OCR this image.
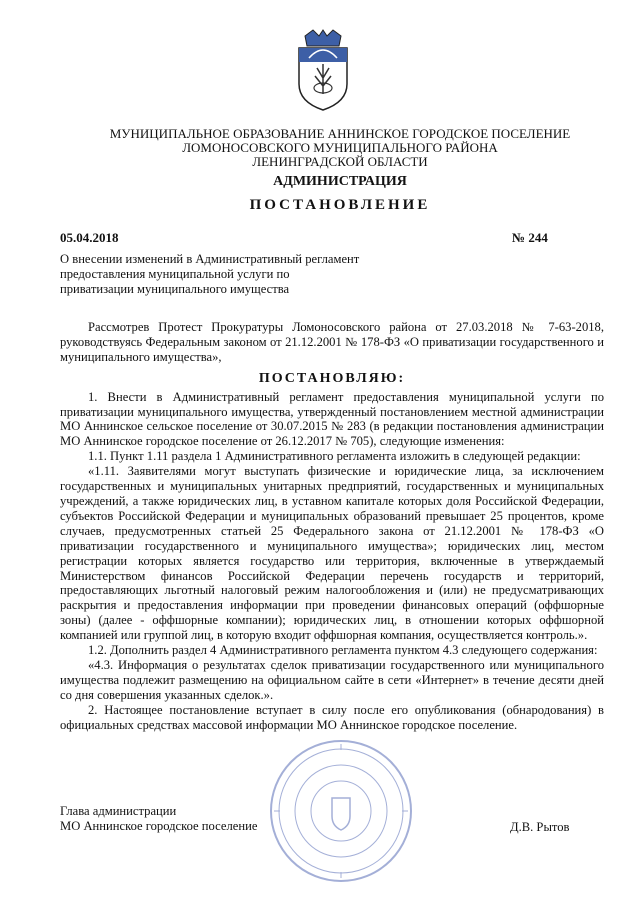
МУНИЦИПАЛЬНОЕ ОБРАЗОВАНИЕ АННИНСКОЕ ГОРОДСКОЕ ПОСЕЛЕНИЕ
ЛОМОНОСОВСКОГО МУНИЦИПАЛЬНОГО РАЙОНА
ЛЕНИНГРАДСКОЙ ОБЛАСТИ
АДМИНИСТРАЦИЯ
ПОСТАНОВЛЕНИЕ
05.04.2018	№ 244
О внесении изменений в Административный регламент предоставления муниципальной услуги по приватизации муниципального имущества

Рассмотрев Протест Прокуратуры Ломоносовского района от 27.03.2018 № 7-63-2018, руководствуясь Федеральным законом от 21.12.2001 № 178-ФЗ «О приватизации государственного и муниципального имущества»,

ПОСТАНОВЛЯЮ:

1. Внести в Административный регламент предоставления муниципальной услуги по приватизации муниципального имущества, утвержденный постановлением местной администрации МО Аннинское сельское поселение от 30.07.2015 № 283 (в редакции постановления администрации МО Аннинское городское поселение от 26.12.2017 № 705), следующие изменения:

1.1. Пункт 1.11 раздела 1 Административного регламента изложить в следующей редакции:

«1.11. Заявителями могут выступать физические и юридические лица, за исключением государственных и муниципальных унитарных предприятий, государственных и муниципальных учреждений, а также юридических лиц, в уставном капитале которых доля Российской Федерации, субъектов Российской Федерации и муниципальных образований превышает 25 процентов, кроме случаев, предусмотренных статьей 25 Федерального закона от 21.12.2001 № 178-ФЗ «О приватизации государственного и муниципального имущества»; юридических лиц, местом регистрации которых является государство или территория, включенные в утверждаемый Министерством финансов Российской Федерации перечень государств и территорий, предоставляющих льготный налоговый режим налогообложения и (или) не предусматривающих раскрытия и предоставления информации при проведении финансовых операций (оффшорные зоны) (далее - оффшорные компании); юридических лиц, в отношении которых оффшорной компанией или группой лиц, в которую входит оффшорная компания, осуществляется контроль.».

1.2. Дополнить раздел 4 Административного регламента пунктом 4.3 следующего содержания:

«4.3. Информация о результатах сделок приватизации государственного или муниципального имущества подлежит размещению на официальном сайте в сети «Интернет» в течение десяти дней со дня совершения указанных сделок.».

2. Настоящее постановление вступает в силу после его опубликования (обнародования) в официальных средствах массовой информации МО Аннинское городское поселение.

Глава администрации
МО Аннинское городское поселение	Д.В. Рытов
